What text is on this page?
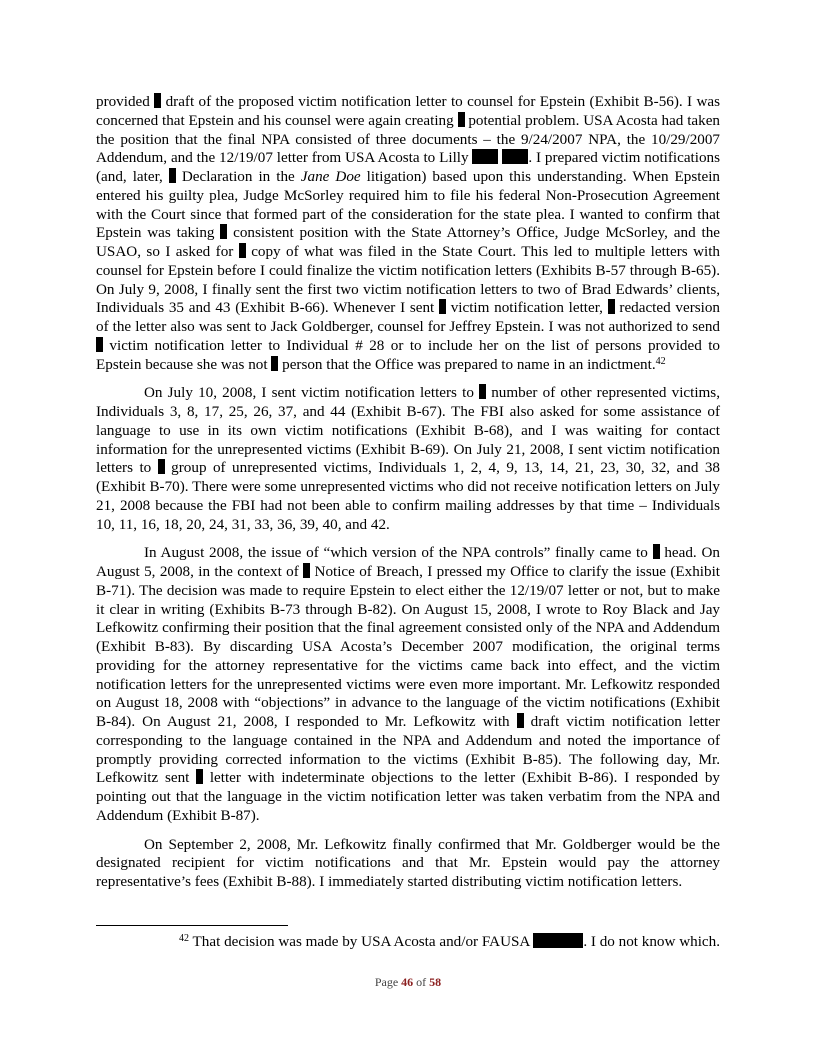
provided  draft of the proposed victim notification letter to counsel for Epstein (Exhibit B-56). I was concerned that Epstein and his counsel were again creating  potential problem. USA Acosta had taken the position that the final NPA consisted of three documents – the 9/24/2007 NPA, the 10/29/2007 Addendum, and the 12/19/07 letter from USA Acosta to Lilly	. I prepared victim notifications (and, later,  Declaration in the Jane Doe litigation) based upon this understanding. When Epstein entered his guilty plea, Judge McSorley required him to file his federal Non-Prosecution Agreement with the Court since that formed part of the consideration for the state plea. I wanted to confirm that Epstein was taking  consistent position with the State Attorney’s Office, Judge McSorley, and the USAO, so I asked for  copy of what was filed in the State Court. This led to multiple letters with counsel for Epstein before I could finalize the victim notification letters (Exhibits B-57 through B-65). On July 9, 2008, I finally sent the first two victim notification letters to two of Brad Edwards’ clients, Individuals 35 and 43 (Exhibit B-66). Whenever I sent  victim notification letter,  redacted version of the letter also was sent to Jack Goldberger, counsel for Jeffrey Epstein. I was not authorized to send  victim notification letter to Individual # 28 or to include her on the list of persons provided to Epstein because she was not  person that the Office was prepared to name in an indictment.$^{42}$

On July 10, 2008, I sent victim notification letters to  number of other represented victims, Individuals 3, 8, 17, 25, 26, 37, and 44 (Exhibit B-67). The FBI also asked for some assistance of language to use in its own victim notifications (Exhibit B-68), and I was waiting for contact information for the unrepresented victims (Exhibit B-69). On July 21, 2008, I sent victim notification letters to  group of unrepresented victims, Individuals 1, 2, 4, 9, 13, 14, 21, 23, 30, 32, and 38 (Exhibit B-70). There were some unrepresented victims who did not receive notification letters on July 21, 2008 because the FBI had not been able to confirm mailing addresses by that time – Individuals 10, 11, 16, 18, 20, 24, 31, 33, 36, 39, 40, and 42.

In August 2008, the issue of “which version of the NPA controls” finally came to  head. On August 5, 2008, in the context of  Notice of Breach, I pressed my Office to clarify the issue (Exhibit B-71). The decision was made to require Epstein to elect either the 12/19/07 letter or not, but to make it clear in writing (Exhibits B-73 through B-82). On August 15, 2008, I wrote to Roy Black and Jay Lefkowitz confirming their position that the final agreement consisted only of the NPA and Addendum (Exhibit B-83). By discarding USA Acosta’s December 2007 modification, the original terms providing for the attorney representative for the victims came back into effect, and the victim notification letters for the unrepresented victims were even more important. Mr. Lefkowitz responded on August 18, 2008 with “objections” in advance to the language of the victim notifications (Exhibit B-84). On August 21, 2008, I responded to Mr. Lefkowitz with  draft victim notification letter corresponding to the language contained in the NPA and Addendum and noted the importance of promptly providing corrected information to the victims (Exhibit B-85). The following day, Mr. Lefkowitz sent  letter with indeterminate objections to the letter (Exhibit B-86). I responded by pointing out that the language in the victim notification letter was taken verbatim from the NPA and Addendum (Exhibit B-87).

On September 2, 2008, Mr. Lefkowitz finally confirmed that Mr. Goldberger would be the designated recipient for victim notifications and that Mr. Epstein would pay the attorney representative’s fees (Exhibit B-88). I immediately started distributing victim notification letters.

$^{42}$ That decision was made by USA Acosta and/or FAUSA	. I do not know which.
Page 46 of 58
